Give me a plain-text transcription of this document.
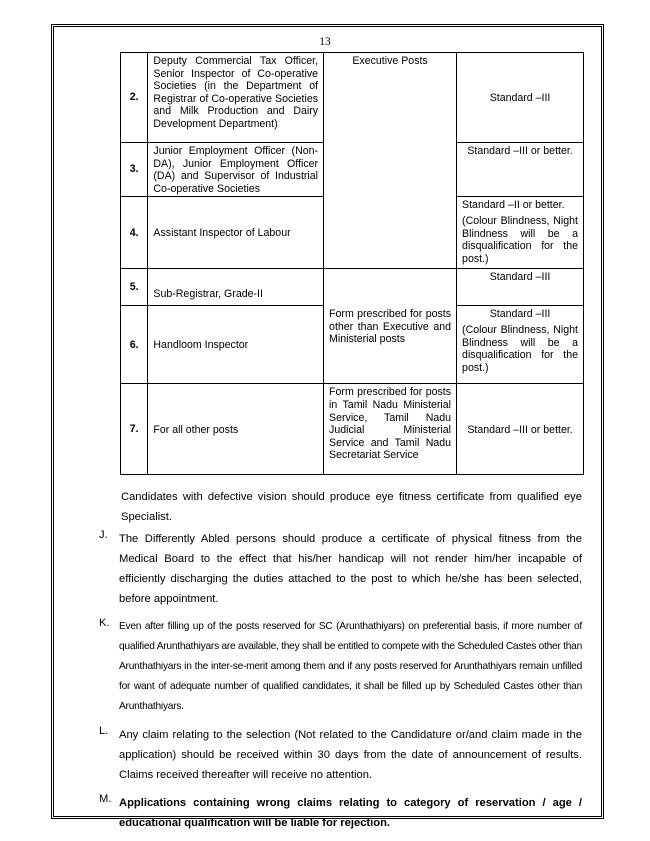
13
2.	Deputy Commercial Tax Officer, Senior Inspector of Co-operative Societies (in the Department of Registrar of Co-operative Societies and Milk Production and Dairy Development Department)	Executive Posts	Standard –III
3.	Junior Employment Officer (Non-DA), Junior Employment Officer (DA) and Supervisor of Industrial Co-operative Societies		Standard –III or better.
4.	Assistant Inspector of Labour		Standard –II or better.
(Colour Blindness, Night Blindness will be a disqualification for the post.)

5.	Sub-Registrar, Grade-II	Form prescribed for posts other than Executive and Ministerial posts	Standard –III
6.	Handloom Inspector		Standard –III
(Colour Blindness, Night Blindness will be a disqualification for the post.)

7.	For all other posts	Form prescribed for posts in Tamil Nadu Ministerial Service, Tamil Nadu Judicial Ministerial Service and Tamil Nadu Secretariat Service	Standard –III or better.
Candidates with defective vision should produce eye fitness certificate from qualified eye Specialist.
J.	The Differently Abled persons should produce a certificate of physical fitness from the Medical Board to the effect that his/her handicap will not render him/her incapable of efficiently discharging the duties attached to the post to which he/she has been selected, before appointment.
K. Even after filling up of the posts reserved for SC (Arunthathiyars) on preferential basis, if more number of qualified Arunthathiyars are available, they shall be entitled to compete with the Scheduled Castes other than Arunthathiyars in the inter-se-merit among them and if any posts reserved for Arunthathiyars remain unfilled for want of adequate number of qualified candidates, it shall be filled up by Scheduled Castes other than Arunthathiyars.
L. Any claim relating to the selection (Not related to the Candidature or/and claim made in the application) should be received within 30 days from the date of announcement of results. Claims received thereafter will receive no attention.
M. Applications containing wrong claims relating to category of reservation / age / educational qualification will be liable for rejection.
